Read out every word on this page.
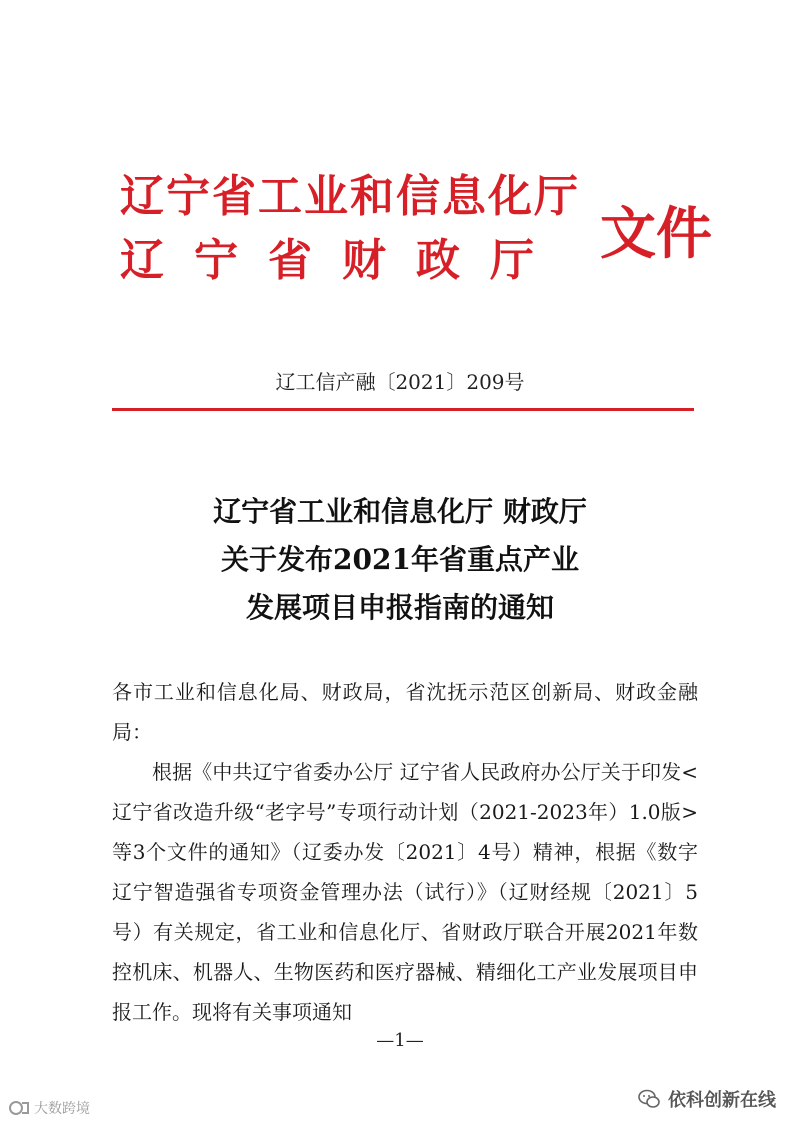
辽宁省工业和信息化厅
辽宁省财政厅 文件
辽工信产融〔2021〕209号
辽宁省工业和信息化厅 财政厅
关于发布2021年省重点产业
发展项目申报指南的通知

各市工业和信息化局、财政局，省沈抚示范区创新局、财政金融局：

根据《中共辽宁省委办公厅 辽宁省人民政府办公厅关于印发<辽宁省改造升级“老字号”专项行动计划（2021-2023年）1.0版>等3个文件的通知》（辽委办发〔2021〕4号）精神，根据《数字辽宁智造强省专项资金管理办法（试行）》（辽财经规〔2021〕5号）有关规定，省工业和信息化厅、省财政厅联合开展2021年数控机床、机器人、生物医药和医疗器械、精细化工产业发展项目申报工作。现将有关事项通知

—1—
大数跨境	依科创新在线
